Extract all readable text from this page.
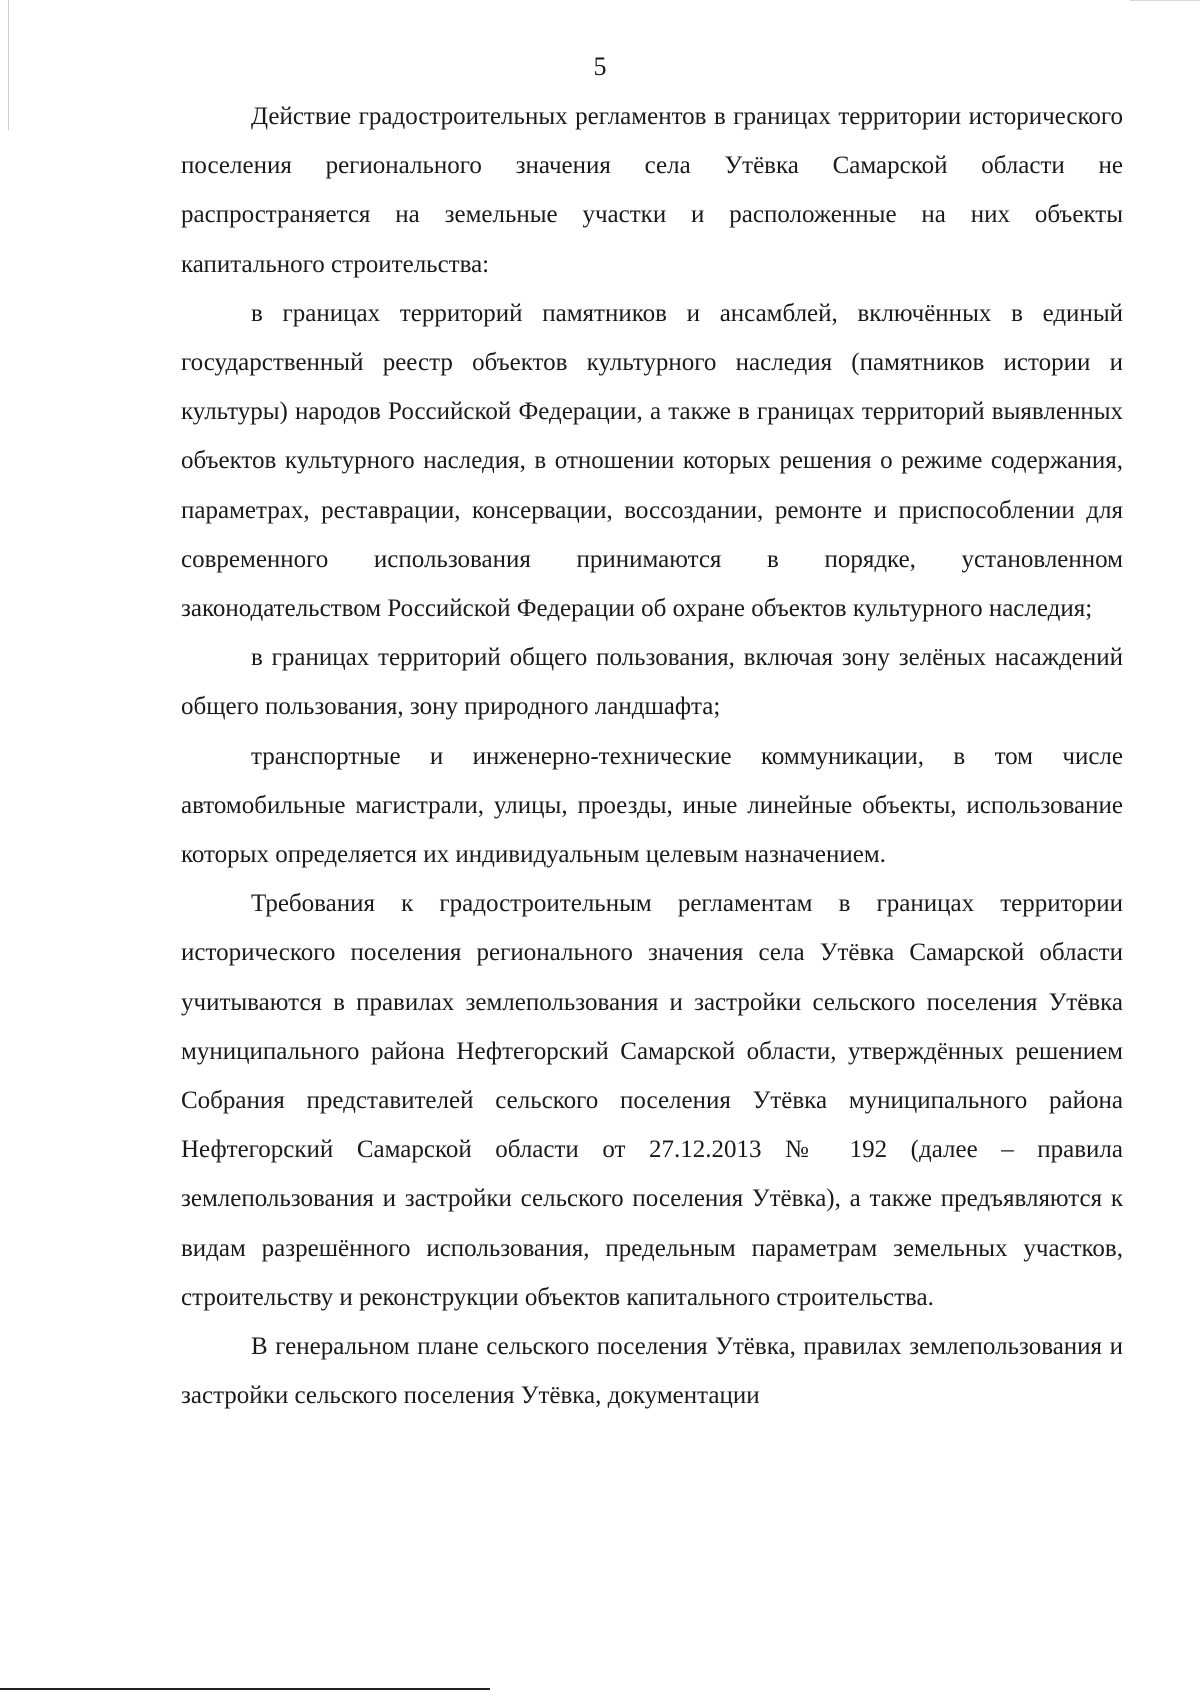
5

Действие градостроительных регламентов в границах территории исторического поселения регионального значения села Утёвка Самарской области не распространяется на земельные участки и расположенные на них объекты капитального строительства:

в границах территорий памятников и ансамблей, включённых в единый государственный реестр объектов культурного наследия (памятников истории и культуры) народов Российской Федерации, а также в границах территорий выявленных объектов культурного наследия, в отношении которых решения о режиме содержания, параметрах, реставрации, консервации, воссоздании, ремонте и приспособлении для современного использования принимаются в порядке, установленном законодательством Российской Федерации об охране объектов культурного наследия;

в границах территорий общего пользования, включая зону зелёных насаждений общего пользования, зону природного ландшафта;

транспортные и инженерно-технические коммуникации, в том числе автомобильные магистрали, улицы, проезды, иные линейные объекты, использование которых определяется их индивидуальным целевым назначением.

Требования к градостроительным регламентам в границах территории исторического поселения регионального значения села Утёвка Самарской области учитываются в правилах землепользования и застройки сельского поселения Утёвка муниципального района Нефтегорский Самарской области, утверждённых решением Собрания представителей сельского поселения Утёвка муниципального района Нефтегорский Самарской области от 27.12.2013 № 192 (далее – правила землепользования и застройки сельского поселения Утёвка), а также предъявляются к видам разрешённого использования, предельным параметрам земельных участков, строительству и реконструкции объектов капитального строительства.

В генеральном плане сельского поселения Утёвка, правилах землепользования и застройки сельского поселения Утёвка, документации
